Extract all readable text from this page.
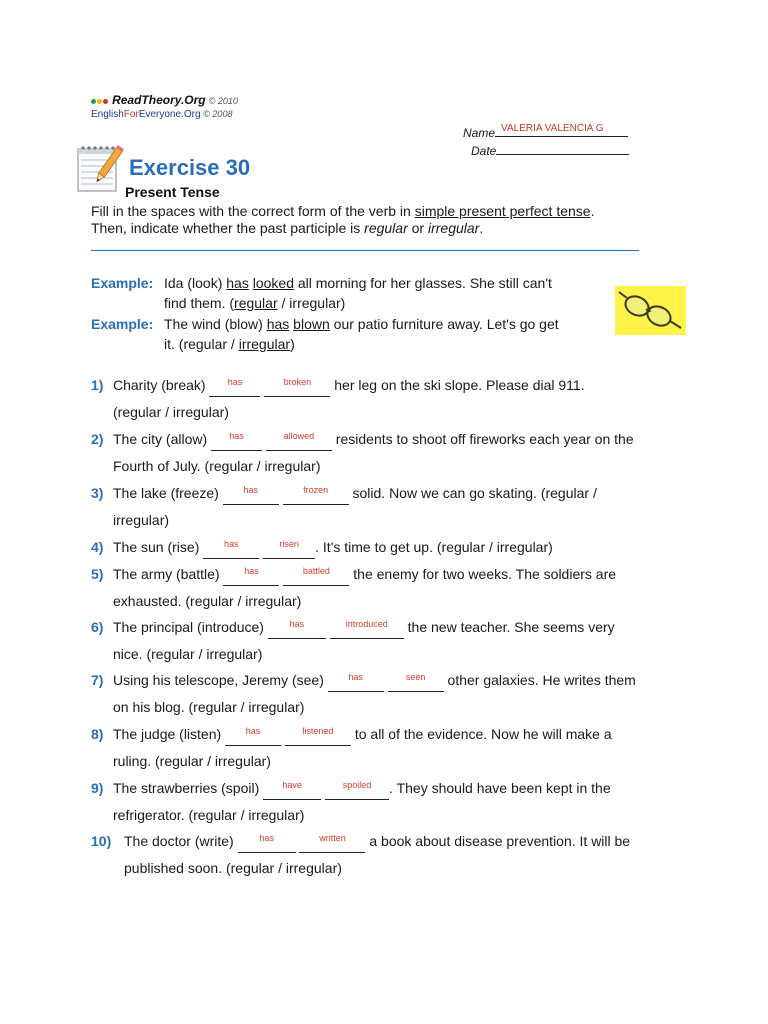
ReadTheory.Org © 2010
EnglishForEveryone.Org © 2008
Name VALERIA VALENCIA G
Date
Exercise 30
Present Tense
Fill in the spaces with the correct form of the verb in simple present perfect tense.
Then, indicate whether the past participle is regular or irregular.
Example: Ida (look) has looked all morning for her glasses. She still can't
find them. (regular / irregular)
Example: The wind (blow) has blown our patio furniture away. Let's go get
it. (regular / irregular)
1) Charity (break) $^{has}$	$^{broken}$ her leg on the ski slope. Please dial 911.
(regular / irregular)
2) The city (allow) $^{has}$	$^{allowed}$ residents to shoot off fireworks each year on the
Fourth of July. (regular / irregular)
3) The lake (freeze) $^{has}$	$^{frozen}$ solid. Now we can go skating. (regular /
irregular)
4) The sun (rise) $^{has}$	$^{risen}$ . It's time to get up. (regular / irregular)
5) The army (battle) $^{has}$	$^{battled}$ the enemy for two weeks. The soldiers are
exhausted. (regular / irregular)
6) The principal (introduce) $^{has}$	$^{introduced}$ the new teacher. She seems very
nice. (regular / irregular)
7) Using his telescope, Jeremy (see) $^{has}$	$^{seen}$ other galaxies. He writes them
on his blog. (regular / irregular)
8) The judge (listen) $^{has}$	$^{listened}$ to all of the evidence. Now he will make a
ruling. (regular / irregular)
9) The strawberries (spoil) $^{have}$	$^{spoiled}$ . They should have been kept in the
refrigerator. (regular / irregular)
10) The doctor (write) $^{has}$	$^{written}$ a book about disease prevention. It will be
published soon. (regular / irregular)
